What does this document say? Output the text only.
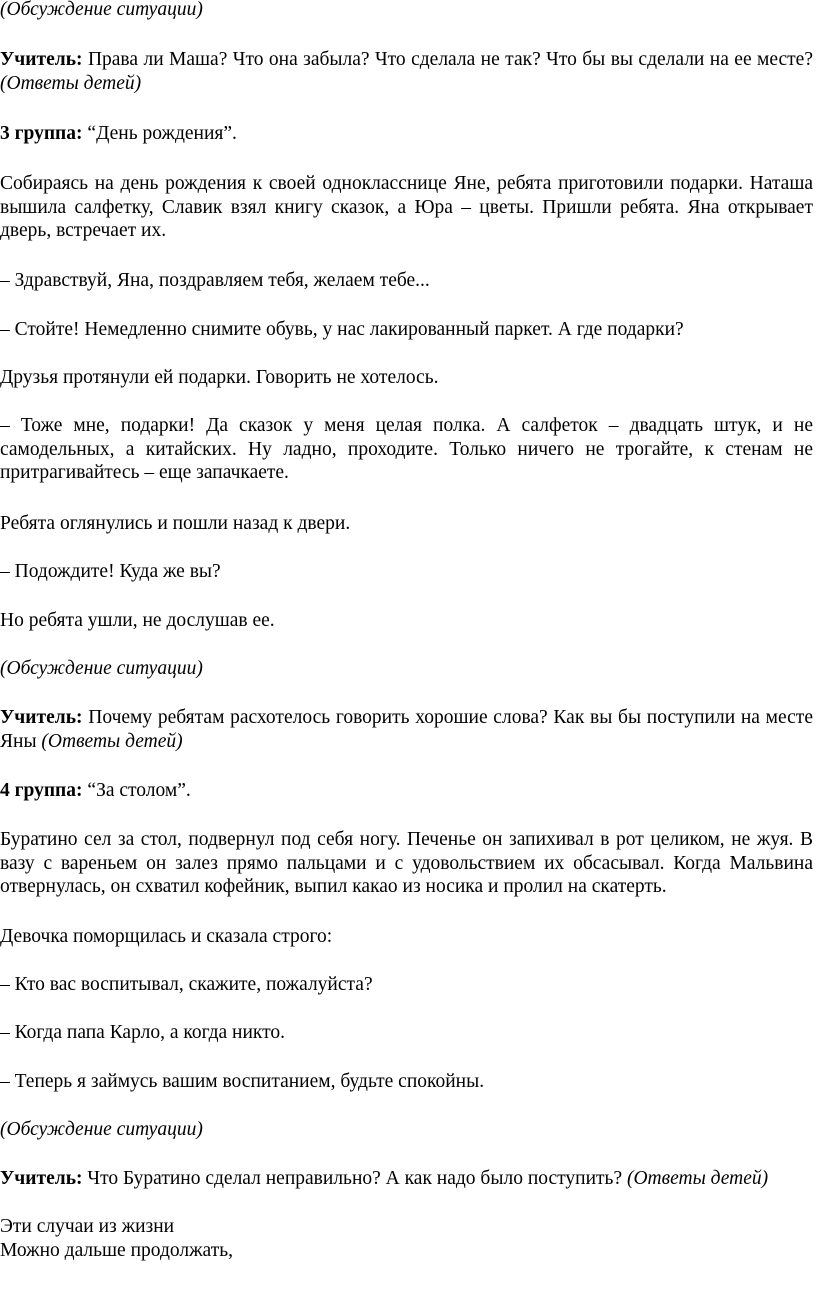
(Обсуждение ситуации)

Учитель: Права ли Маша? Что она забыла? Что сделала не так? Что бы вы сделали на ее месте? (Ответы детей)

3 группа: “День рождения”.

Собираясь на день рождения к своей однокласснице Яне, ребята приготовили подарки. Наташа вышила салфетку, Славик взял книгу сказок, а Юра – цветы. Пришли ребята. Яна открывает дверь, встречает их.

– Здравствуй, Яна, поздравляем тебя, желаем тебе...

– Стойте! Немедленно снимите обувь, у нас лакированный паркет. А где подарки?

Друзья протянули ей подарки. Говорить не хотелось.

– Тоже мне, подарки! Да сказок у меня целая полка. А салфеток – двадцать штук, и не самодельных, а китайских. Ну ладно, проходите. Только ничего не трогайте, к стенам не притрагивайтесь – еще запачкаете.

Ребята оглянулись и пошли назад к двери.

– Подождите! Куда же вы?

Но ребята ушли, не дослушав ее.

(Обсуждение ситуации)

Учитель: Почему ребятам расхотелось говорить хорошие слова? Как вы бы поступили на месте Яны (Ответы детей)

4 группа: “За столом”.

Буратино сел за стол, подвернул под себя ногу. Печенье он запихивал в рот целиком, не жуя. В вазу с вареньем он залез прямо пальцами и с удовольствием их обсасывал. Когда Мальвина отвернулась, он схватил кофейник, выпил какао из носика и пролил на скатерть.

Девочка поморщилась и сказала строго:

– Кто вас воспитывал, скажите, пожалуйста?

– Когда папа Карло, а когда никто.

– Теперь я займусь вашим воспитанием, будьте спокойны.

(Обсуждение ситуации)

Учитель: Что Буратино сделал неправильно? А как надо было поступить? (Ответы детей)

Эти случаи из жизни
Можно дальше продолжать,
